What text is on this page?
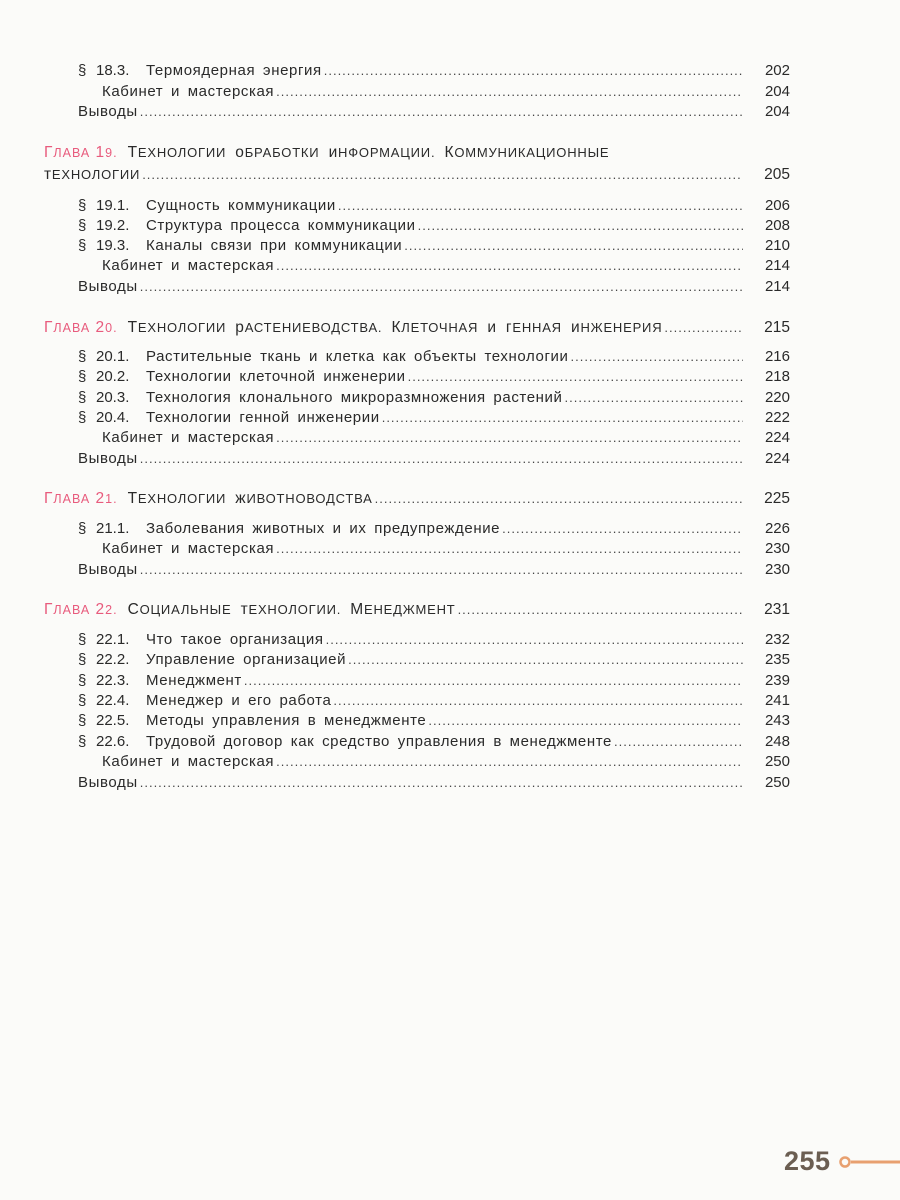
§ 18.3.	Термоядерная энергия .....	202
Кабинет и мастерская .....	204
Выводы .....	204
ГЛАВА 19. ТЕХНОЛОГИИ оБРАБОТКИ иНФОРМАЦИИ. КОММУНИКАЦИОННЫЕ
тЕХНОЛОГИИ .....	205
§ 19.1.	Сущность коммуникации .....	206
§ 19.2.	Структура процесса коммуникации .....	208
§ 19.3.	Каналы связи при коммуникации .....	210
Кабинет и мастерская .....	214
Выводы .....	214
ГЛАВА 20. ТЕХНОЛОГИИ рАСТЕНИЕВОДСТВА. КЛЕТОЧНАЯ и гЕННАЯ иНЖЕНЕРИЯ .....	215
§ 20.1.	Растительные ткань и клетка как объекты технологии .....	216
§ 20.2.	Технологии клеточной инженерии .....	218
§ 20.3.	Технология клонального микроразмножения растений .....	220
§ 20.4.	Технологии генной инженерии .....	222
Кабинет и мастерская .....	224
Выводы .....	224
ГЛАВА 21. ТЕХНОЛОГИИ жИВОТНОВОДСТВА .....	225
§ 21.1.	Заболевания животных и их предупреждение .....	226
Кабинет и мастерская .....	230
Выводы .....	230
ГЛАВА 22. СОЦИАЛЬНЫЕ тЕХНОЛОГИИ. МЕНЕДЖМЕНТ .....	231
§ 22.1.	Что такое организация .....	232
§ 22.2.	Управление организацией .....	235
§ 22.3.	Менеджмент .....	239
§ 22.4.	Менеджер и его работа .....	241
§ 22.5.	Методы управления в менеджменте .....	243
§ 22.6.	Трудовой договор как средство управления в менеджменте .....	248
Кабинет и мастерская .....	250
Выводы .....	250
255
